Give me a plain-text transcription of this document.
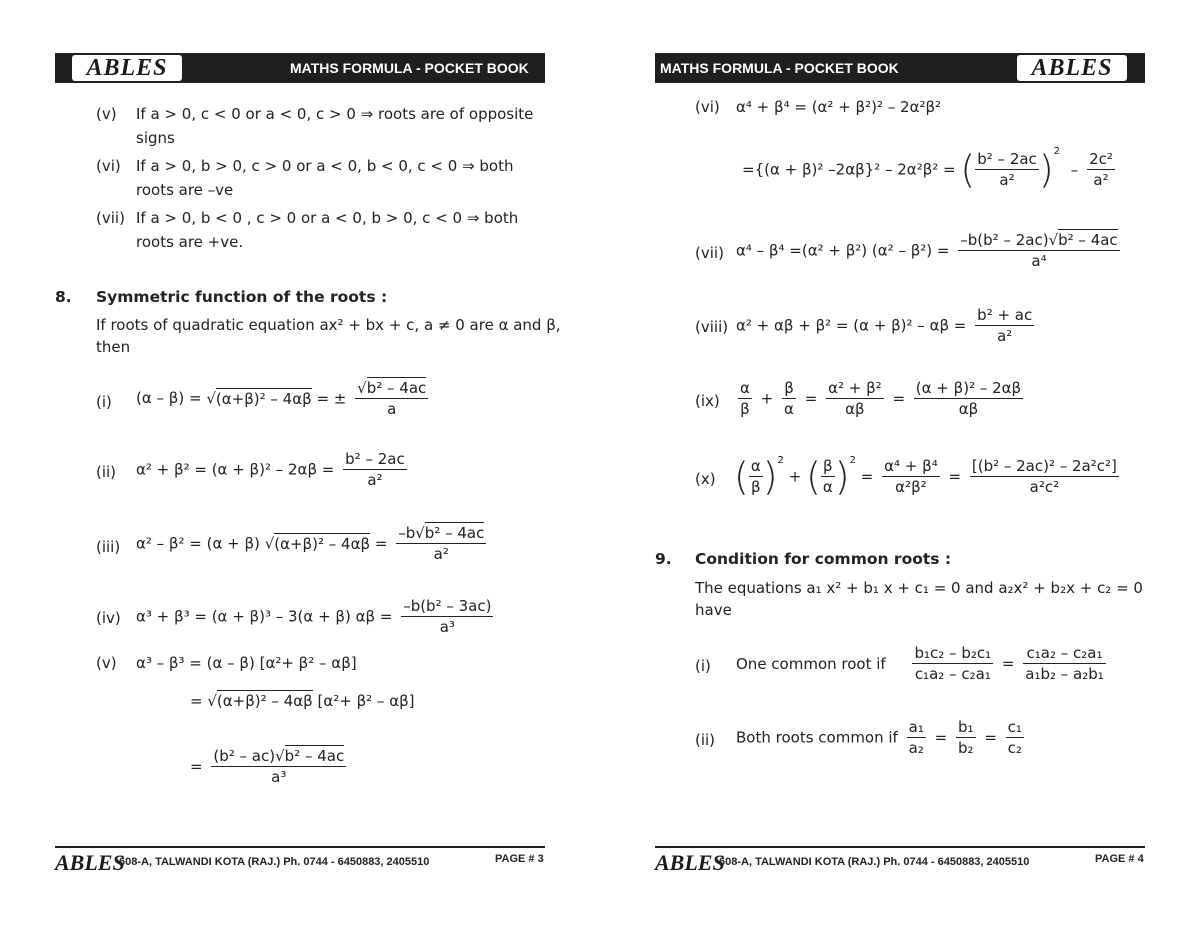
ABLES	MATHS FORMULA - POCKET BOOK
(v) If a > 0, c < 0 or a < 0, c > 0 ⇒ roots are of opposite
signs
(vi) If a > 0, b > 0, c > 0 or a < 0, b < 0, c < 0 ⇒ both
roots are –ve
(vii) If a > 0, b < 0 , c > 0 or a < 0, b > 0, c < 0 ⇒ both
roots are +ve.
8. Symmetric function of the roots :
If roots of quadratic equation ax² + bx + c, a ≠ 0 are α and β,
then
(i) (α – β) = √(α+β)² – 4αβ = ± $\frac{\text{√b² – 4ac}}{a}$
(ii) $\alpha^2 + \beta^2 = (\alpha + \beta)^2 - 2\alpha\beta = \frac{\text{b² – 2ac}}{\text{a²}}$
(iii) α² – β² = (α + β) $√(\alpha+\beta)^2 - 4\alpha\beta = \frac{\text{–b√b² – 4ac}}{\text{a²}}$
(iv) α³ + β³ = (α + β)³ – 3(α + β) $\alpha\beta = \frac{\text{–b(b² – 3ac)}}{\text{a³}}$
(v) α³ – β³ = (α – β) [α²+ β² – αβ]
= √(α+β)² – 4αβ [α²+ β² – αβ]
= $\frac{\text{(b² – ac)√b² – 4ac}}{\text{a³}}$
ABLES
608-A, TALWANDI KOTA (RAJ.) Ph. 0744 - 6450883, 2405510	PAGE # 3
MATHS FORMULA - POCKET BOOK	ABLES
(vi) α⁴ + β⁴ = (α² + β²)² – 2α²β²
={(α + β)² –2αβ}² – 2α²β² = ( $\frac{\text{b² – 2ac}}{\text{a²}} )^2 - \frac{\text{2c²}}{\text{a²}}$
(vii) α⁴ – β⁴ =(α² + β²) $(\alpha^2 - \beta^2) = \frac{\text{–b(b² – 2ac)√b² – 4ac}}{\text{a⁴}}$
(viii) $\alpha^2 + \alpha\beta + \beta^2 = (\alpha + \beta)^2 - \alpha\beta = \frac{\text{b² + ac}}{\text{a²}}$
$(ix) \frac{\alpha}{\beta} + \frac{\beta}{\alpha} = \frac{\text{α² + β²}}{\alpha\beta} = \frac{\text{(α + β)² – 2αβ}}{\alpha\beta}$
(x) ( $\frac{\alpha}{\beta} )^2$ + ( $\frac{\beta}{\alpha} )^2 = \frac{\text{α⁴ + β⁴}}{\text{α²β²}} = \frac{\text{[(b² – 2ac)² – 2a²c²]}}{\text{a²c²}}$
9. Condition for common roots :
The equations a₁ x² + b₁ x + c₁ = 0 and a₂x² + b₂x + c₂ = 0
have
(i) One common root if $\frac{\text{b₁c₂ – b₂c₁}}{\text{c₁a₂ – c₂a₁}} = \frac{\text{c₁a₂ – c₂a₁}}{\text{a₁b₂ – a₂b₁}}$
(ii) Both roots common if $\frac{\text{a₁}}{\text{a₂}} = \frac{\text{b₁}}{\text{b₂}} = \frac{\text{c₁}}{\text{c₂}}$
ABLES
608-A, TALWANDI KOTA (RAJ.) Ph. 0744 - 6450883, 2405510	PAGE # 4
